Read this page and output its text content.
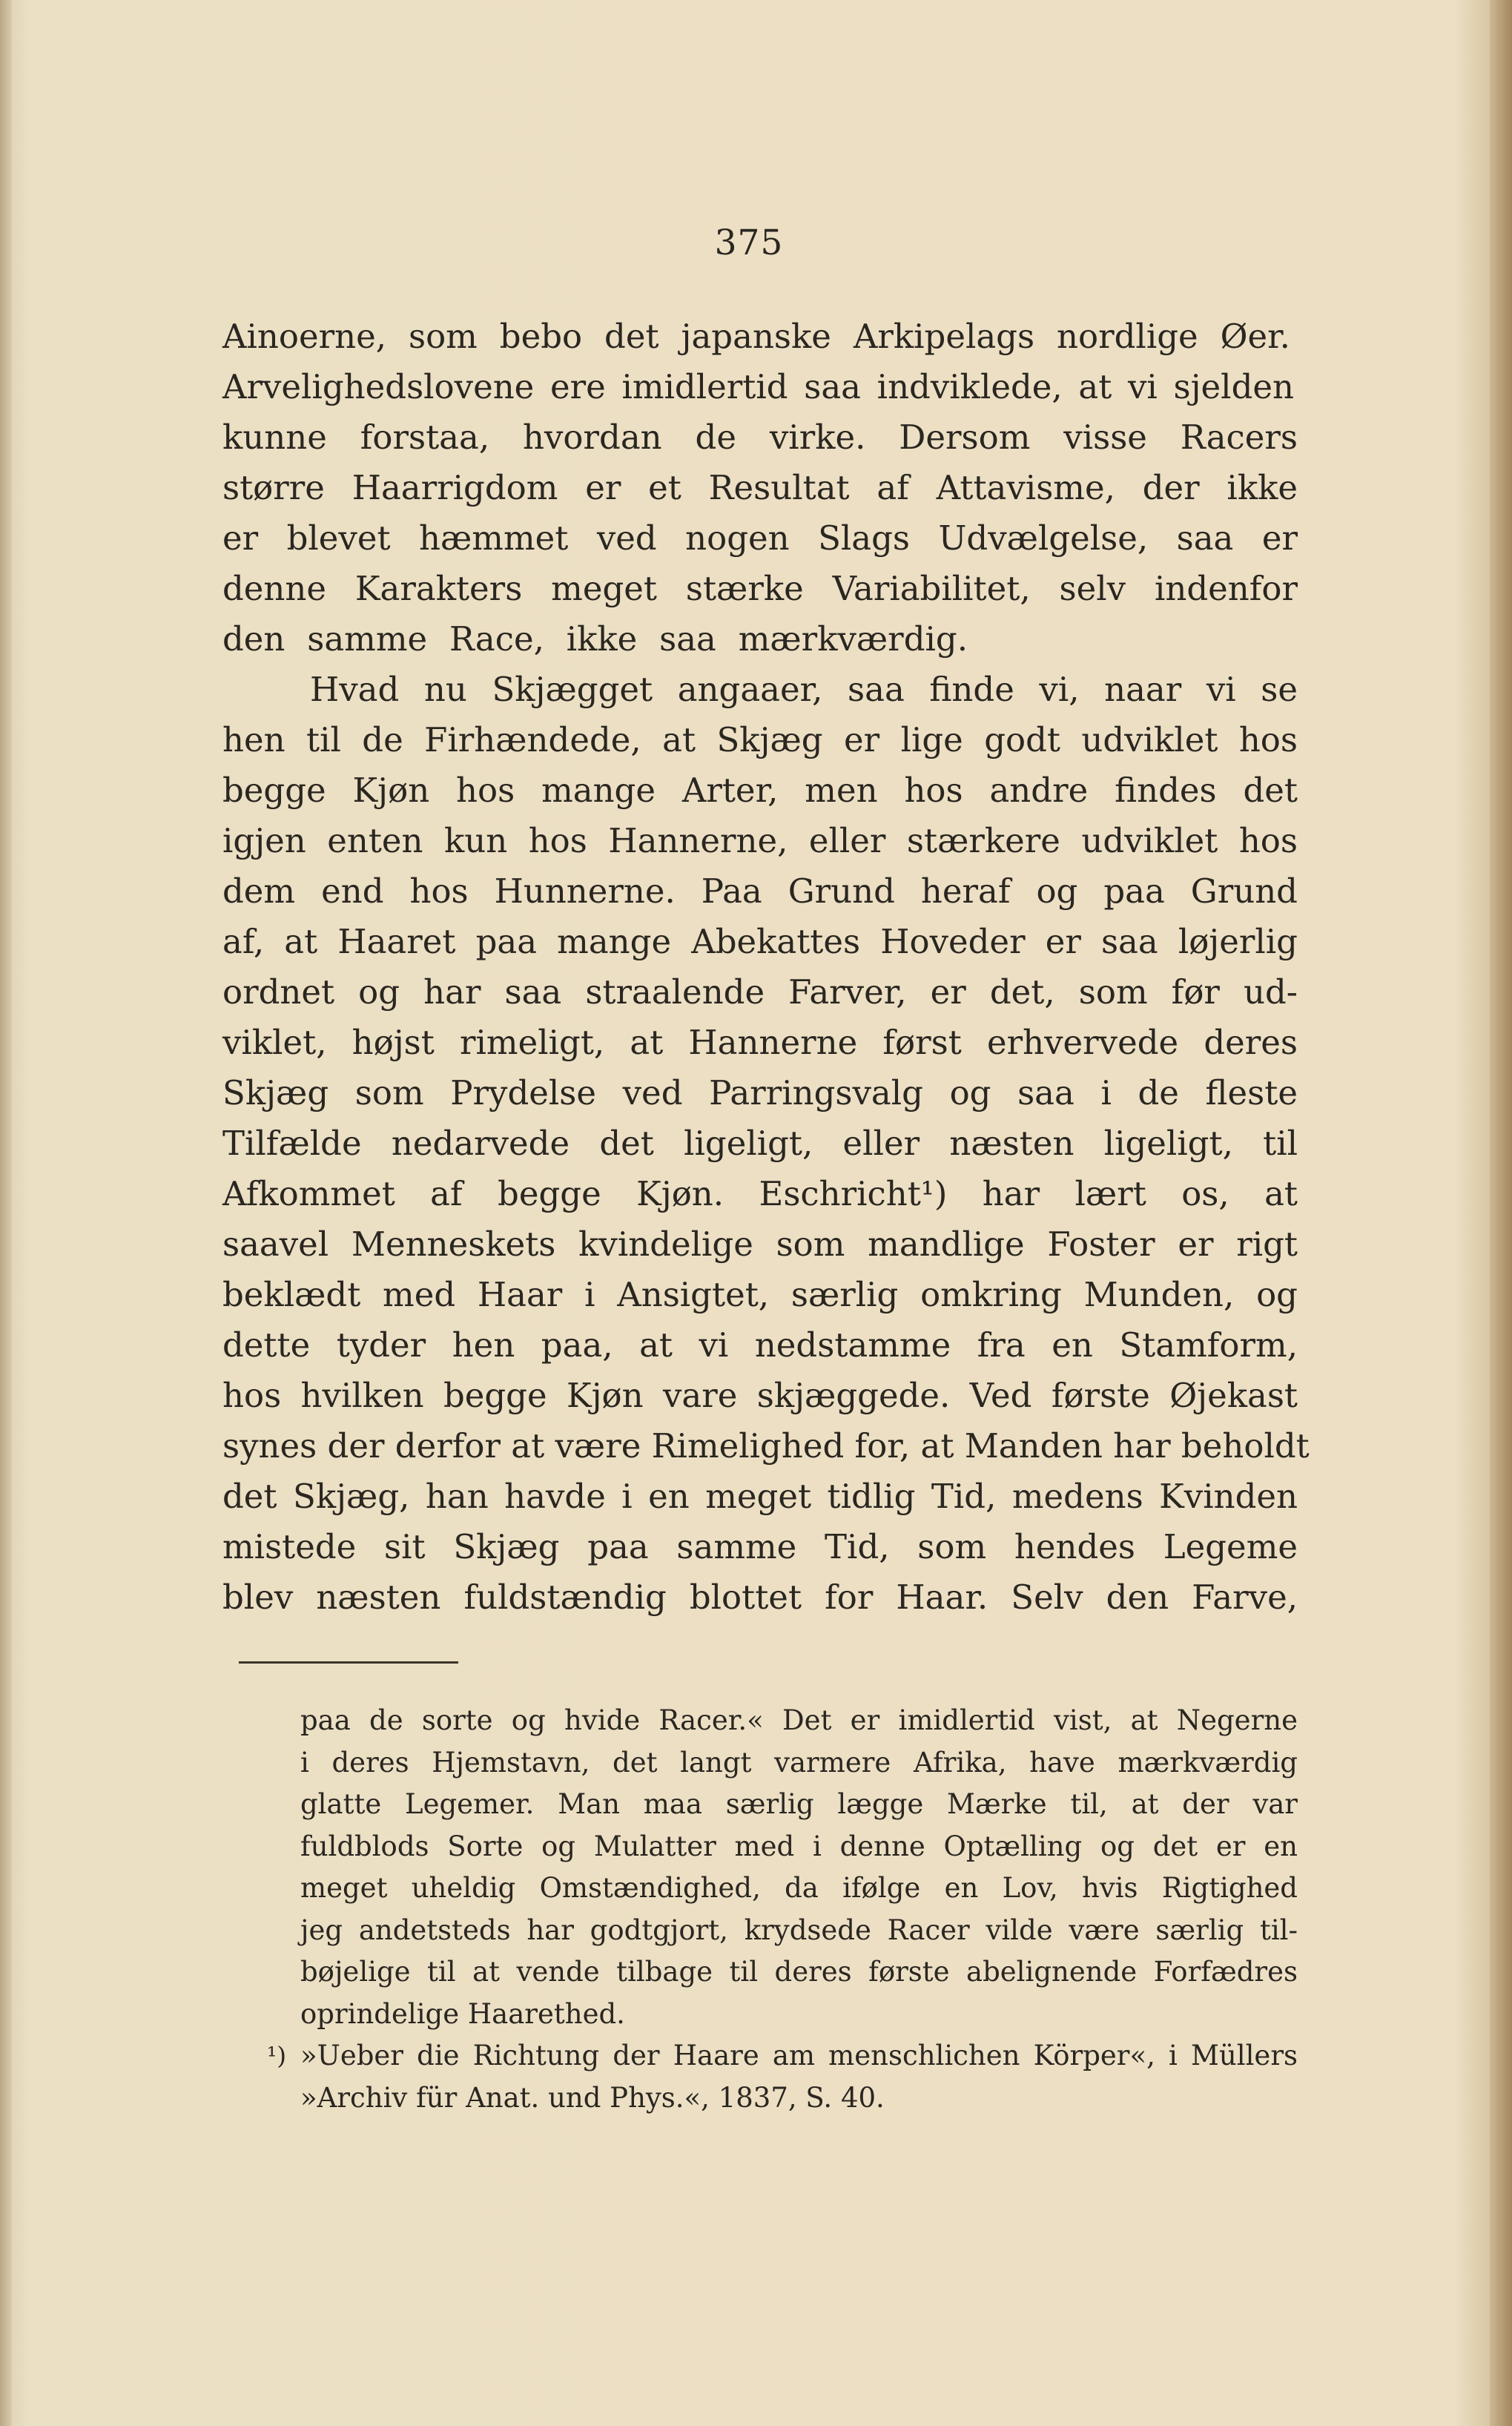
375
Ainoerne, som bebo det japanske Arkipelags nordlige Øer.
Arvelighedslovene ere imidlertid saa indviklede, at vi sjelden
kunne forstaa, hvordan de virke. Dersom visse Racers
større Haarrigdom er et Resultat af Attavisme, der ikke
er blevet hæmmet ved nogen Slags Udvælgelse, saa er
denne Karakters meget stærke Variabilitet, selv indenfor
den samme Race, ikke saa mærkværdig.
Hvad nu Skjægget angaaer, saa finde vi, naar vi se
hen til de Firhændede, at Skjæg er lige godt udviklet hos
begge Kjøn hos mange Arter, men hos andre findes det
igjen enten kun hos Hannerne, eller stærkere udviklet hos
dem end hos Hunnerne. Paa Grund heraf og paa Grund
af, at Haaret paa mange Abekattes Hoveder er saa løjerlig
ordnet og har saa straalende Farver, er det, som før ud-
viklet, højst rimeligt, at Hannerne først erhvervede deres
Skjæg som Prydelse ved Parringsvalg og saa i de fleste
Tilfælde nedarvede det ligeligt, eller næsten ligeligt, til
Afkommet af begge Kjøn. Eschricht¹) har lært os, at
saavel Menneskets kvindelige som mandlige Foster er rigt
beklædt med Haar i Ansigtet, særlig omkring Munden, og
dette tyder hen paa, at vi nedstamme fra en Stamform,
hos hvilken begge Kjøn vare skjæggede. Ved første Øjekast
synes der derfor at være Rimelighed for, at Manden har beholdt
det Skjæg, han havde i en meget tidlig Tid, medens Kvinden
mistede sit Skjæg paa samme Tid, som hendes Legeme
blev næsten fuldstændig blottet for Haar. Selv den Farve,
paa de sorte og hvide Racer.« Det er imidlertid vist, at Negerne
i deres Hjemstavn, det langt varmere Afrika, have mærkværdig
glatte Legemer. Man maa særlig lægge Mærke til, at der var
fuldblods Sorte og Mulatter med i denne Optælling og det er en
meget uheldig Omstændighed, da ifølge en Lov, hvis Rigtighed
jeg andetsteds har godtgjort, krydsede Racer vilde være særlig til-
bøjelige til at vende tilbage til deres første abelignende Forfædres
oprindelige Haarethed.
»Ueber die Richtung der Haare am menschlichen Körper«, i Müllers
»Archiv für Anat. und Phys.«, 1837, S. 40.
¹)
